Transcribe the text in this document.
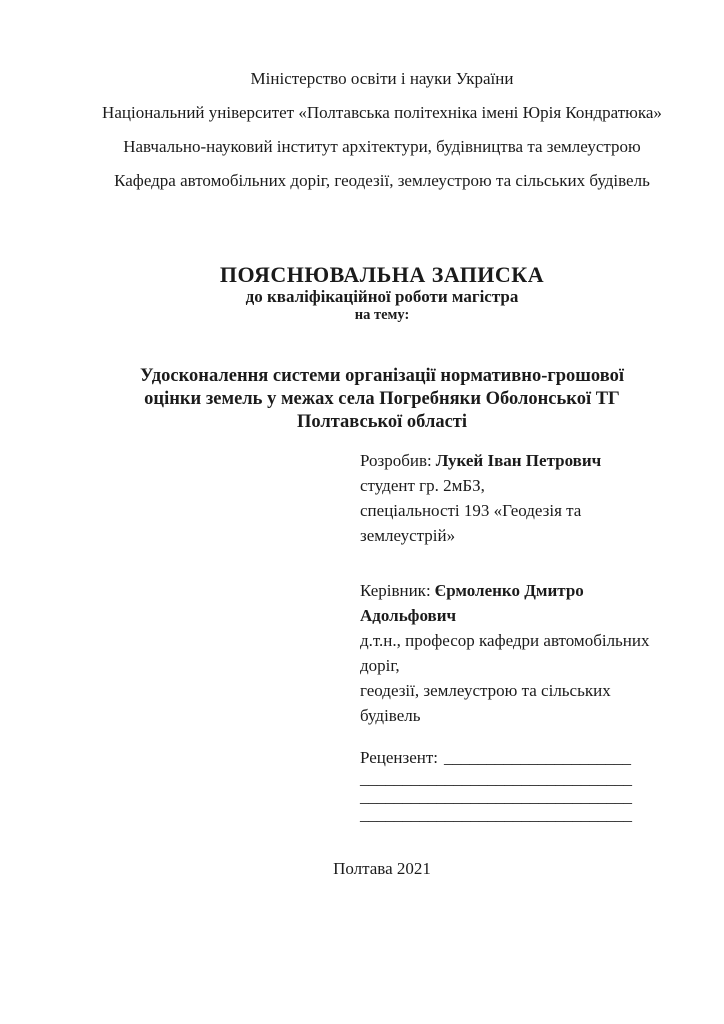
Міністерство освіти і науки України
Національний університет «Полтавська політехніка імені Юрія Кондратюка»
Навчально-науковий інститут архітектури, будівництва та землеустрою
Кафедра автомобільних доріг, геодезії, землеустрою та сільських будівель
ПОЯСНЮВАЛЬНА ЗАПИСКА
до кваліфікаційної роботи магістра
на тему:
Удосконалення системи організації нормативно-грошової
оцінки земель у межах села Погребняки Оболонської ТГ
Полтавської області
Розробив: Лукей Іван Петрович
студент гр. 2мБЗ,
спеціальності 193 «Геодезія та землеустрій»
Керівник: Єрмоленко Дмитро Адольфович
д.т.н., професор кафедри автомобільних доріг,
геодезії, землеустрою та сільських будівель
Рецензент: ______________________
________________________________
________________________________
________________________________
Полтава 2021
